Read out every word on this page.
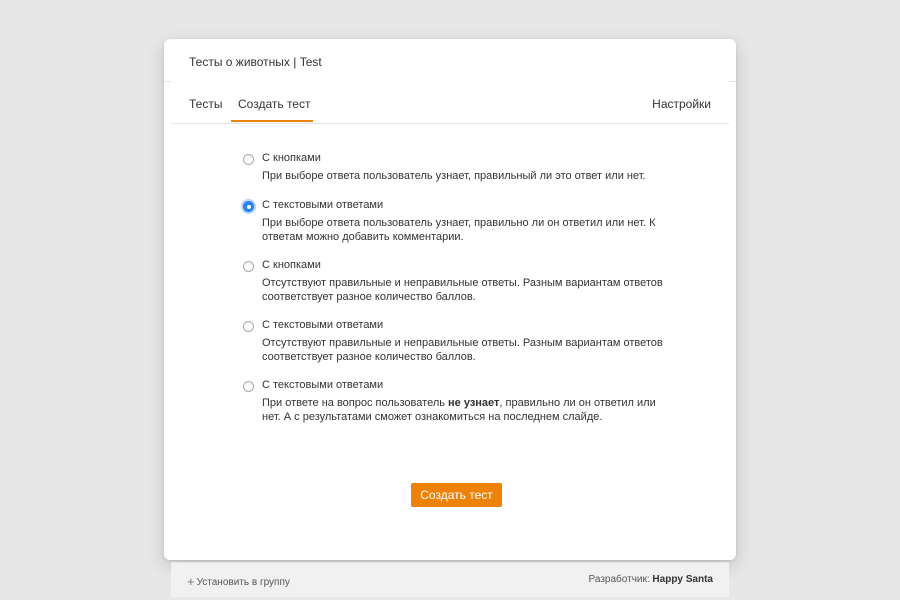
Тесты о животных | Test
Тесты Создать тест	Настройки
С кнопками
При выборе ответа пользователь узнает, правильный ли это ответ или нет.
С текстовыми ответами
При выборе ответа пользователь узнает, правильно ли он ответил или нет. К ответам можно добавить комментарии.
С кнопками
Отсутствуют правильные и неправильные ответы. Разным вариантам ответов соответствует разное количество баллов.
С текстовыми ответами
Отсутствуют правильные и неправильные ответы. Разным вариантам ответов соответствует разное количество баллов.
С текстовыми ответами
При ответе на вопрос пользователь не узнает, правильно ли он ответил или нет. А с результатами сможет ознакомиться на последнем слайде.
Создать тест
+ Установить в группу	Разработчик: Happy Santa
